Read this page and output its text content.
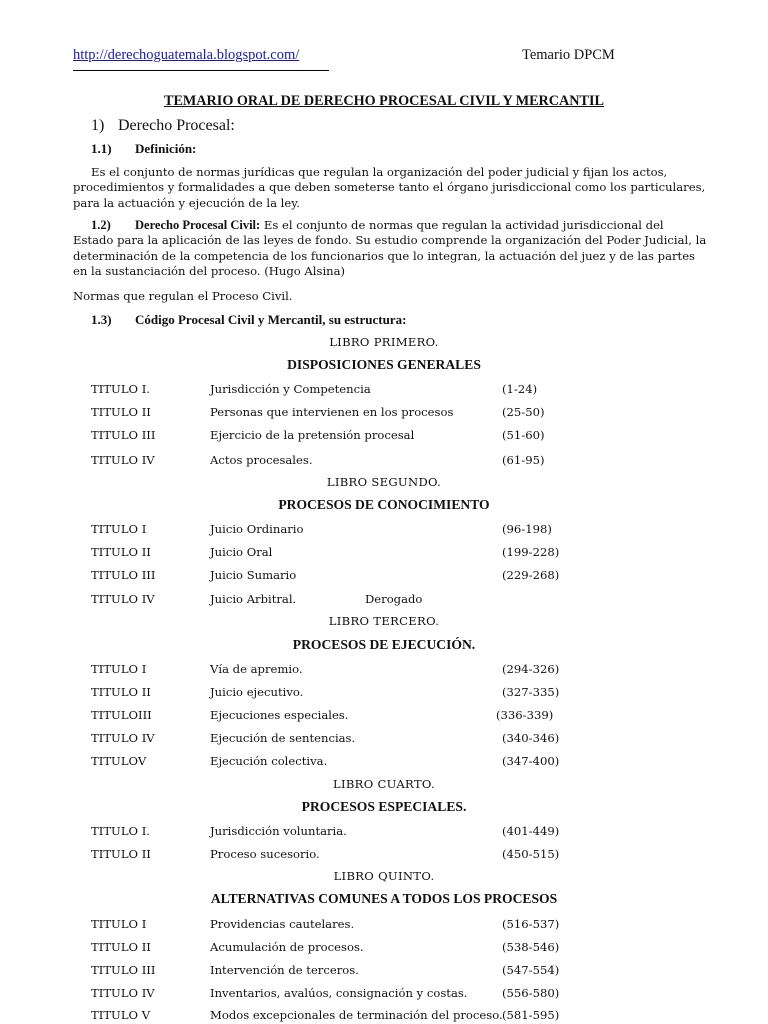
http://derechoguatemala.blogspot.com/	Temario DPCM
TEMARIO ORAL DE DERECHO PROCESAL CIVIL Y MERCANTIL
1) Derecho Procesal:
1.1) Definición:
Es el conjunto de normas jurídicas que regulan la organización del poder judicial y fijan los actos,
procedimientos y formalidades a que deben someterse tanto el órgano jurisdiccional como los particulares,
para la actuación y ejecución de la ley.
1.2) Derecho Procesal Civil: Es el conjunto de normas que regulan la actividad jurisdiccional del
Estado para la aplicación de las leyes de fondo. Su estudio comprende la organización del Poder Judicial, la
determinación de la competencia de los funcionarios que lo integran, la actuación del juez y de las partes
en la sustanciación del proceso. (Hugo Alsina)
Normas que regulan el Proceso Civil.
1.3) Código Procesal Civil y Mercantil, su estructura:
LIBRO PRIMERO.
DISPOSICIONES GENERALES
TITULO I.	Jurisdicción y Competencia	(1-24)
TITULO II	Personas que intervienen en los procesos	(25-50)
TITULO III	Ejercicio de la pretensión procesal	(51-60)
TITULO IV	Actos procesales.	(61-95)
LIBRO SEGUNDO.
PROCESOS DE CONOCIMIENTO
TITULO I	Juicio Ordinario	(96-198)
TITULO II	Juicio Oral	(199-228)
TITULO III	Juicio Sumario	(229-268)
TITULO IV	Juicio Arbitral.	Derogado
LIBRO TERCERO.
PROCESOS DE EJECUCIÓN.
TITULO I	Vía de apremio.	(294-326)
TITULO II	Juicio ejecutivo.	(327-335)
TITULOIII	Ejecuciones especiales.	(336-339)
TITULO IV	Ejecución de sentencias.	(340-346)
TITULOV	Ejecución colectiva.	(347-400)
LIBRO CUARTO.
PROCESOS ESPECIALES.
TITULO I.	Jurisdicción voluntaria.	(401-449)
TITULO II	Proceso sucesorio.	(450-515)
LIBRO QUINTO.
ALTERNATIVAS COMUNES A TODOS LOS PROCESOS
TITULO I	Providencias cautelares.	(516-537)
TITULO II	Acumulación de procesos.	(538-546)
TITULO III	Intervención de terceros.	(547-554)
TITULO IV	Inventarios, avalúos, consignación y costas.	(556-580)
TITULO V	Modos excepcionales de terminación del proceso. (581-595)
